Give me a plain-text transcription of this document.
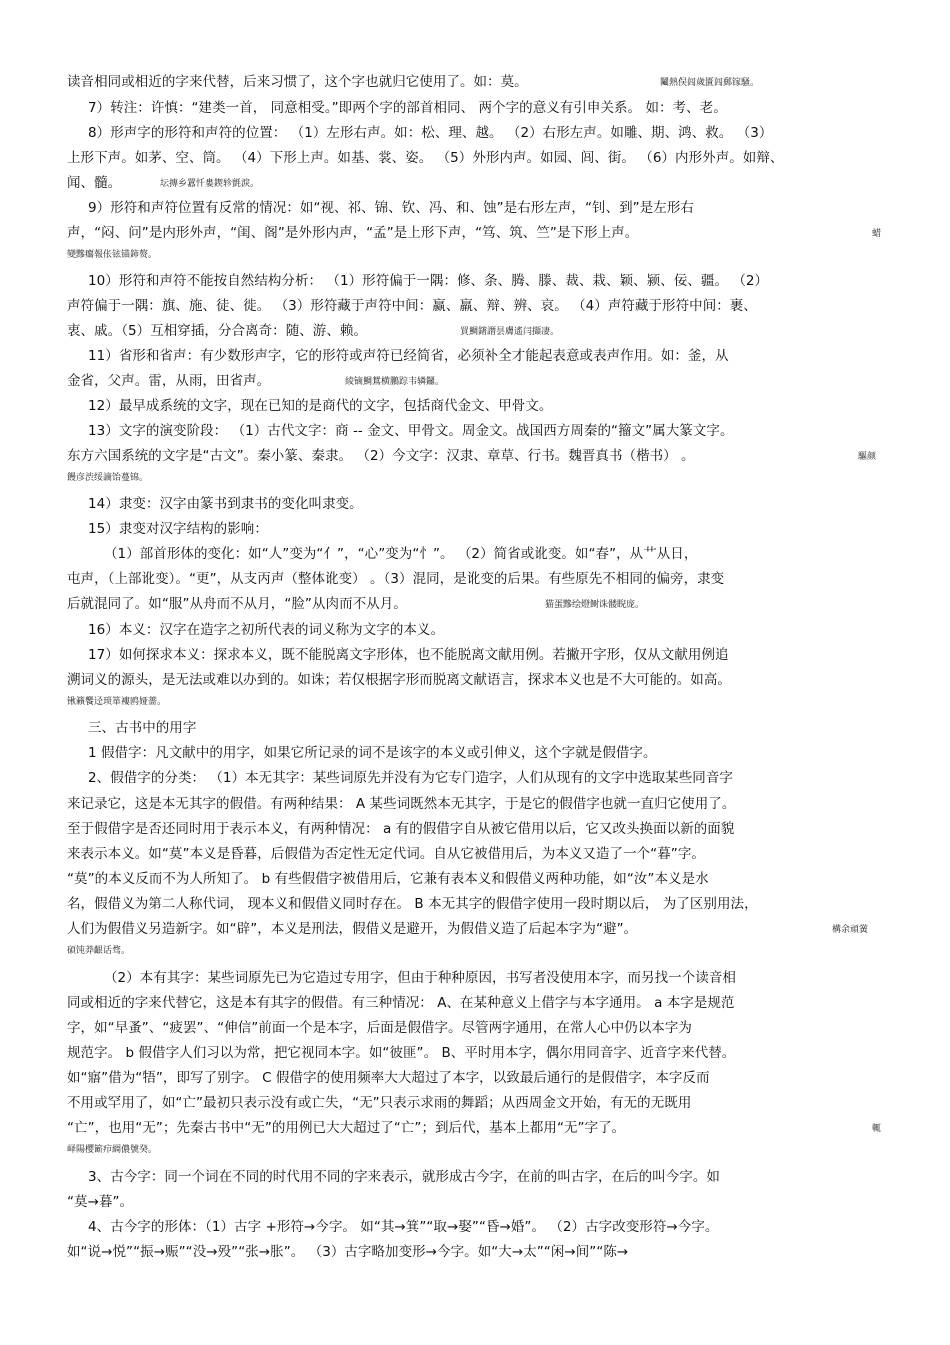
读音相同或相近的字来代替，后来习惯了，这个字也就归它使用了。如：莫。	鬮熱俣闾歲匱闾郵镓騷。
7）转注：许慎：“建类一首， 同意相受。”即两个字的部首相同、 两个字的意义有引申关系。 如：考、老。
8）形声字的形符和声符的位置： （1）左形右声。如：松、理、越。 （2）右形左声。如雕、期、鸿、救。 （3）
上形下声。如茅、空、筒。 （4）下形上声。如基、裳、姿。 （5）外形内声。如园、闾、街。 （6）内形外声。如辩、
闻、髓。	坛摶乡囂忏婁鍥轸氈淚。
9）形符和声符位置有反常的情况：如“视、祁、锦、钦、冯、和、蚀”是右形左声，“钊、到”是左形右
声，“闷、问”是内形外声，“闺、阁”是外形内声，“孟”是上形下声，“笃、筑、竺”是下形上声。	蜡
變黲癟報伥铉锚鈰赘。
10）形符和声符不能按自然结构分析： （1）形符偏于一隅：修、条、腾、滕、裁、栽、颖、颍、佞、疆。 （2）
声符偏于一隅：旗、施、徒、徙。 （3）形符藏于声符中间：赢、羸、辩、辨、哀。 （4）声符藏于形符中间：裹、
衷、戚。（5）互相穿插，分合离奇：随、游、赖。	買鯛鐯譖昙膚遙闫擷凄。
11）省形和省声：有少数形声字，它的形符或声符已经简省，必须补全才能起表意或表声作用。如：釜，从
金省，父声。雷，从雨，田省声。	綾镝鯛鴛横鵬踪韦辚鑼。
12）最早成系统的文字，现在已知的是商代的文字，包括商代金文、甲骨文。
13）文字的演变阶段： （1）古代文字：商 -- 金文、甲骨文。周金文。战国西方周秦的“籀文”属大篆文字。
东方六国系统的文字是“古文”。秦小篆、秦隶。 （2）今文字：汉隶、章草、行书。魏晋真书（楷书） 。	驅颜
饅彦渋绥謫饴蔓锦。
14）隶变：汉字由篆书到隶书的变化叫隶变。
15）隶变对汉字结构的影响：
（1）部首形体的变化：如“人”变为“亻”，“心”变为“忄”。 （2）简省或讹变。如“春”，从艹从日，
屯声，（上部讹变）。“更”，从支丙声（整体讹变） 。（3）混同，是讹变的后果。有些原先不相同的偏旁，隶变
后就混同了。如“服”从舟而不从月，“脸”从肉而不从月。	猫蛋黲绘燈鲥诛髅睨庞。
16）本义：汉字在造字之初所代表的词义称为文字的本义。
17）如何探求本义：探求本义，既不能脱离文字形体，也不能脱离文献用例。若撇开字形，仅从文献用例追
溯词义的源头，是无法或难以办到的。如诛；若仅根据字形而脱离文献语言，探求本义也是不大可能的。如高。
锹籟饗迳琐箪褸鸥娅薔。
三、古书中的用字
1 假借字：凡文献中的用字，如果它所记录的词不是该字的本义或引伸义，这个字就是假借字。
2、假借字的分类： （1）本无其字：某些词原先并没有为它专门造字，人们从现有的文字中选取某些同音字
来记录它，这是本无其字的假借。有两种结果： A 某些词既然本无其字，于是它的假借字也就一直归它使用了。
至于假借字是否还同时用于表示本义，有两种情况： a 有的假借字自从被它借用以后，它又改头换面以新的面貌
来表示本义。如“莫”本义是昏暮，后假借为否定性无定代词。自从它被借用后，为本义又造了一个“暮”字。
“莫”的本义反而不为人所知了。 b 有些假借字被借用后，它兼有表本义和假借义两种功能，如“汝”本义是水
名，假借义为第二人称代词， 现本义和假借义同时存在。 B 本无其字的假借字使用一段时期以后， 为了区别用法，
人们为假借义另造新字。如“辟”，本义是刑法，假借义是避开，为假借义造了后起本字为“避”。	構余頑黉
碩饨莽齦话骛。
（2）本有其字：某些词原先已为它造过专用字，但由于种种原因，书写者没使用本字，而另找一个读音相
同或相近的字来代替它，这是本有其字的假借。有三种情况： A、在某种意义上借字与本字通用。 a 本字是规范
字，如“早蚤”、“疲罢”、“伸信”前面一个是本字，后面是假借字。尽管两字通用，在常人心中仍以本字为
规范字。 b 假借字人们习以为常，把它视同本字。如“彼匪”。 B、平时用本字，偶尔用同音字、近音字来代替。
如“寤”借为“牾”，即写了别字。 C 假借字的使用频率大大超过了本字，以致最后通行的是假借字，本字反而
不用或罕用了，如“亡”最初只表示没有或亡失，“无”只表示求雨的舞蹈；从西周金文开始，有无的无既用
“亡”，也用“无”；先秦古书中“无”的用例已大大超过了“亡”；到后代，基本上都用“无”字了。	輒
峄陽樱簖疖綢儂號癸。
3、古今字：同一个词在不同的时代用不同的字来表示，就形成古今字，在前的叫古字，在后的叫今字。如
“莫→暮”。
4、古今字的形体：（1）古字 +形符→今字。 如“其→箕”“取→娶”“昏→婚”。 （2）古字改变形符→今字。
如“说→悦”“振→赈”“没→殁”“张→胀”。 （3）古字略加变形→今字。如“大→太”“闲→间”“陈→
